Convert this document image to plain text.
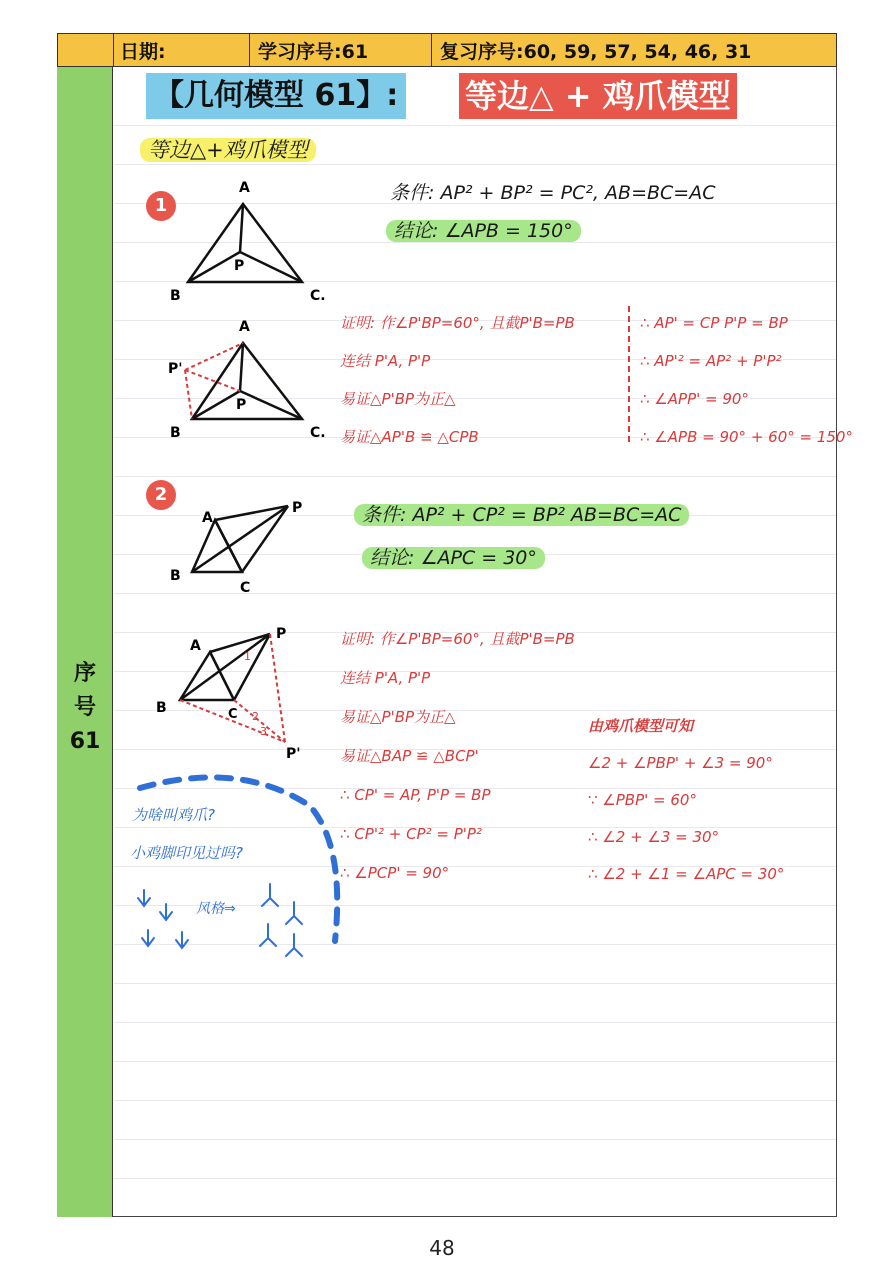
日期:	学习序号:61	复习序号:60, 59, 57, 54, 46, 31
序
号
61
【几何模型 61】: 等边△ + 鸡爪模型
等边△+鸡爪模型
1
A
P
B	C.
条件: AP² + BP² = PC², AB=BC=AC
结论: ∠APB = 150°
A
P
P'
B	C.
证明: 作∠P'BP=60°, 且截P'B=PB
连结 P'A, P'P
易证△P'BP为正△
易证△AP'B ≌ △CPB
∴ AP' = CP P'P = BP
∴ AP'² = AP² + P'P²
∴ ∠APP' = 90°
∴ ∠APB = 90° + 60° = 150°
2
A
P
B
C
条件: AP² + CP² = BP² AB=BC=AC
结论: ∠APC = 30°
A
P
B	C
P'
1
2
3
证明: 作∠P'BP=60°, 且截P'B=PB
连结 P'A, P'P
易证△P'BP为正△
易证△BAP ≌ △BCP'
∴ CP' = AP, P'P = BP
∴ CP'² + CP² = P'P²
∴ ∠PCP' = 90°
由鸡爪模型可知
∠2 + ∠PBP' + ∠3 = 90°
∵ ∠PBP' = 60°
∴ ∠2 + ∠3 = 30°
∴ ∠2 + ∠1 = ∠APC = 30°
为啥叫鸡爪?
小鸡脚印见过吗?
风格⇒
48
